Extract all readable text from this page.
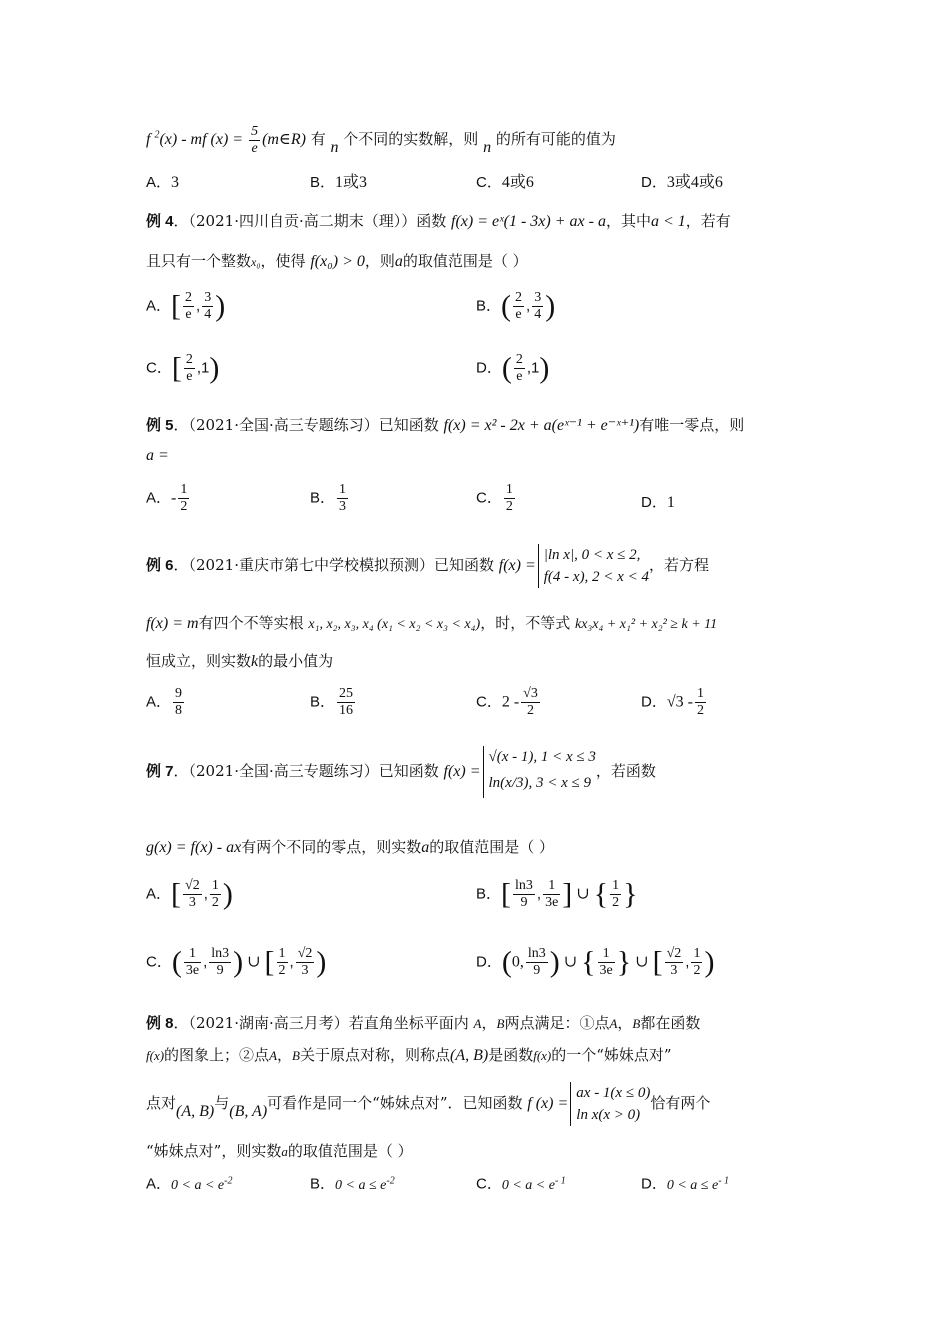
f $^2$(x) - mf $(x) = \frac{5}{e}$ (m∈R) 有 n 个不同的实数解，则 n 的所有可能的值为
A．3	B．1或3	C．4或6	D．3或4或6
例 4．（2021·四川自贡·高二期末（理））函数 f(x) = eˣ(1 - 3x) + ax - a，其中a < 1，若有
且只有一个整数x₀，使得 f(x₀) > 0，则a的取值范围是（ ）
A．[ $\frac{2}{e}$ , $\frac{3}{4}$ )	B．( $\frac{2}{e}$ , $\frac{3}{4}$ )
C．[ $\frac{2}{e} ,1$)	D．( $\frac{2}{e} ,1$)
例 5．（2021·全国·高三专题练习）已知函数 f(x) = x² - 2x + a(eˣ⁻¹ + e⁻ˣ⁺¹)有唯一零点，则
a =
A．- $\frac{1}{2}$	B． $\frac{1}{3}$	C． $\frac{1}{2}$	D．1
例 6．（2021·重庆市第七中学校模拟预测）已知函数 f(x) =
|ln x|, 0 < x ≤ 2,
f(4 - x), 2 < x < 4
，若方程
f(x) = m有四个不等实根 x₁, x₂, x₃, x₄ (x₁ < x₂ < x₃ < x₄)，时，不等式 kx₃x₄ + x₁² + x₂² ≥ k + 11
恒成立，则实数k的最小值为
A． $\frac{9}{8}$	B． $\frac{25}{16}$	C．$2 - \frac{√3}{2}$	D．$√3 - \frac{1}{2}$
例 7．（2021·全国·高三专题练习）已知函数 f(x) =
√(x - 1), 1 < x ≤ 3
ln(x/3), 3 < x ≤ 9
，若函数
g(x) = f(x) - ax有两个不同的零点，则实数a的取值范围是（ ）
A．[ $\frac{√2}{3}$ , $\frac{1}{2}$ )	B．[ $\frac{\ln 3}{9}$ , $\frac{1}{3e}$ ] ∪ { $\frac{1}{2}$ }
C．( $\frac{1}{3e}$ , $\frac{\ln 3}{9}$ ) ∪ [ $\frac{1}{2}$ , $\frac{√2}{3}$ )	D．(0, $\frac{\ln 3}{9}$ ) ∪ { $\frac{1}{3e}$ } ∪ [ $\frac{√2}{3}$ , $\frac{1}{2}$ )
例 8．（2021·湖南·高三月考）若直角坐标平面内 A，B两点满足：①点A，B都在函数
f(x)的图象上；②点A，B关于原点对称，则称点(A, B)是函数f(x)的一个“姊妹点对”
点对(A, B)与(B, A)可看作是同一个“姊妹点对”．已知函数 f (x) =
ax - 1(x ≤ 0)
ln x(x > 0)
恰有两个
“姊妹点对”，则实数a的取值范围是（ ）
A．$0 < a < e^{-2}$	B．$0 < a \le e^{-2}$	C．$0 < a < e^{- 1}$	D．$0 < a \le e^{- 1}$
